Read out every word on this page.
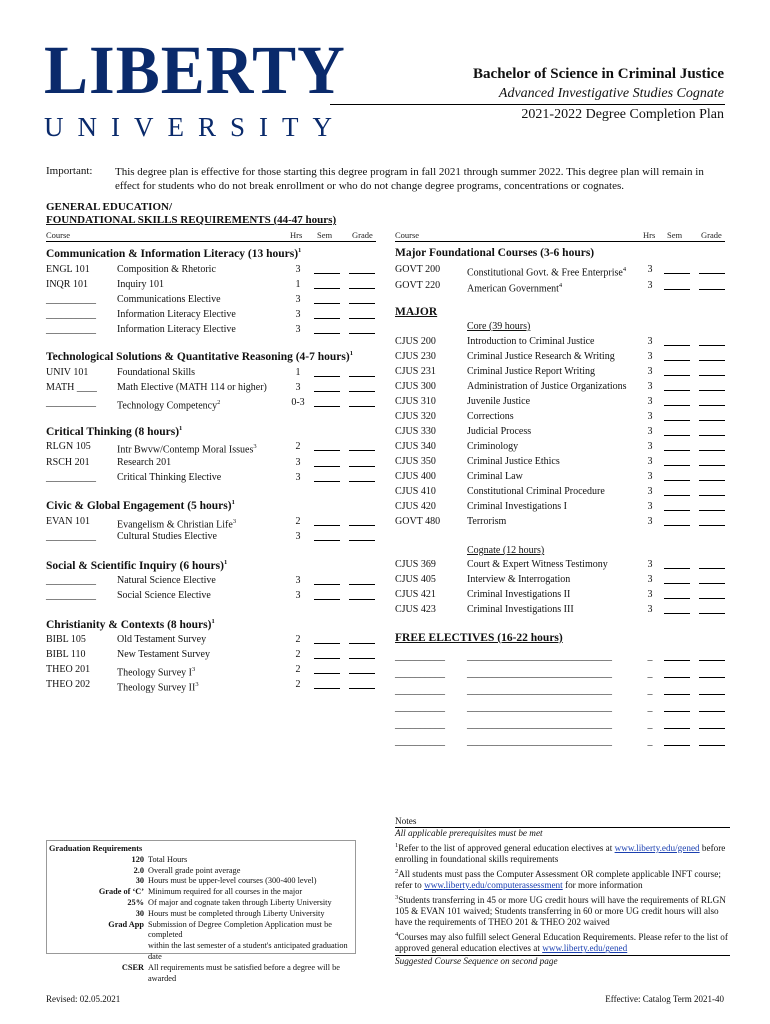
LIBERTY
UNIVERSITY
Bachelor of Science in Criminal Justice
Advanced Investigative Studies Cognate
2021-2022 Degree Completion Plan
Important: This degree plan is effective for those starting this degree program in fall 2021 through summer 2022. This degree plan will remain in effect for students who do not break enrollment or who do not change degree programs, concentrations or cognates.
GENERAL EDUCATION/
FOUNDATIONAL SKILLS REQUIREMENTS (44-47 hours)
Course	Hrs Sem Grade	Course	Hrs Sem Grade
Communication & Information Literacy (13 hours)$^1$
ENGL 101	Composition & Rhetoric	3
INQR 101	Inquiry 101	1
__________ Communications Elective	3
__________ Information Literacy Elective	3
__________ Information Literacy Elective	3
Technological Solutions & Quantitative Reasoning (4-7 hours)$^1$
UNIV 101	Foundational Skills	1
MATH ____ Math Elective (MATH 114 or higher)	3
__________ Technology Competency$^2$	0-3
Critical Thinking (8 hours)$^1$
RLGN 105	Intr Bwvw/Contemp Moral Issues$^3$	2
RSCH 201	Research 201	3
__________ Critical Thinking Elective	3
Civic & Global Engagement (5 hours)$^1$
EVAN 101	Evangelism & Christian Life$^3$	2
__________ Cultural Studies Elective	3
Social & Scientific Inquiry (6 hours)$^1$
__________ Natural Science Elective	3
__________ Social Science Elective	3
Christianity & Contexts (8 hours)$^1$
BIBL 105	Old Testament Survey	2
BIBL 110	New Testament Survey	2
THEO 201	Theology Survey $I^3$	2
THEO 202	Theology Survey $II^3$	2
Major Foundational Courses (3-6 hours)
GOVT 200	Constitutional Govt. & Free Enterprise$^4$	3
GOVT 220	American Government$^4$	3
MAJOR
Core (39 hours)
CJUS 200	Introduction to Criminal Justice	3
CJUS 230	Criminal Justice Research & Writing	3
CJUS 231	Criminal Justice Report Writing	3
CJUS 300	Administration of Justice Organizations	3
CJUS 310	Juvenile Justice	3
CJUS 320	Corrections	3
CJUS 330	Judicial Process	3
CJUS 340	Criminology	3
CJUS 350	Criminal Justice Ethics	3
CJUS 400	Criminal Law	3
CJUS 410	Constitutional Criminal Procedure	3
CJUS 420	Criminal Investigations I	3
GOVT 480	Terrorism	3
Cognate (12 hours)
CJUS 369	Court & Expert Witness Testimony	3
CJUS 405	Interview & Interrogation	3
CJUS 421	Criminal Investigations II	3
CJUS 423	Criminal Investigations III	3
FREE ELECTIVES (16-22 hours)
__________ _____________________________	_
__________ _____________________________	_
__________ _____________________________	_
__________ _____________________________	_
__________ _____________________________	_
__________ _____________________________	_
Graduation Requirements
120 Total Hours
2.0 Overall grade point average
30 Hours must be upper-level courses (300-400 level)
Grade of ‘C’ Minimum required for all courses in the major
25% Of major and cognate taken through Liberty University
30 Hours must be completed through Liberty University
Grad App Submission of Degree Completion Application must be completed
within the last semester of a student's anticipated graduation date
CSER All requirements must be satisfied before a degree will be awarded
Notes
All applicable prerequisites must be met
$^1$Refer to the list of approved general education electives at www.liberty.edu/gened before enrolling in foundational skills requirements
$^2$All students must pass the Computer Assessment OR complete applicable INFT course; refer to www.liberty.edu/computerassessment for more information
$^3$Students transferring in 45 or more UG credit hours will have the requirements of RLGN 105 & EVAN 101 waived; Students transferring in 60 or more UG credit hours will also have the requirements of THEO 201 & THEO 202 waived
$^4$Courses may also fulfill select General Education Requirements. Please refer to the list of approved general education electives at www.liberty.edu/gened
Suggested Course Sequence on second page
Revised: 02.05.2021	Effective: Catalog Term 2021-40
